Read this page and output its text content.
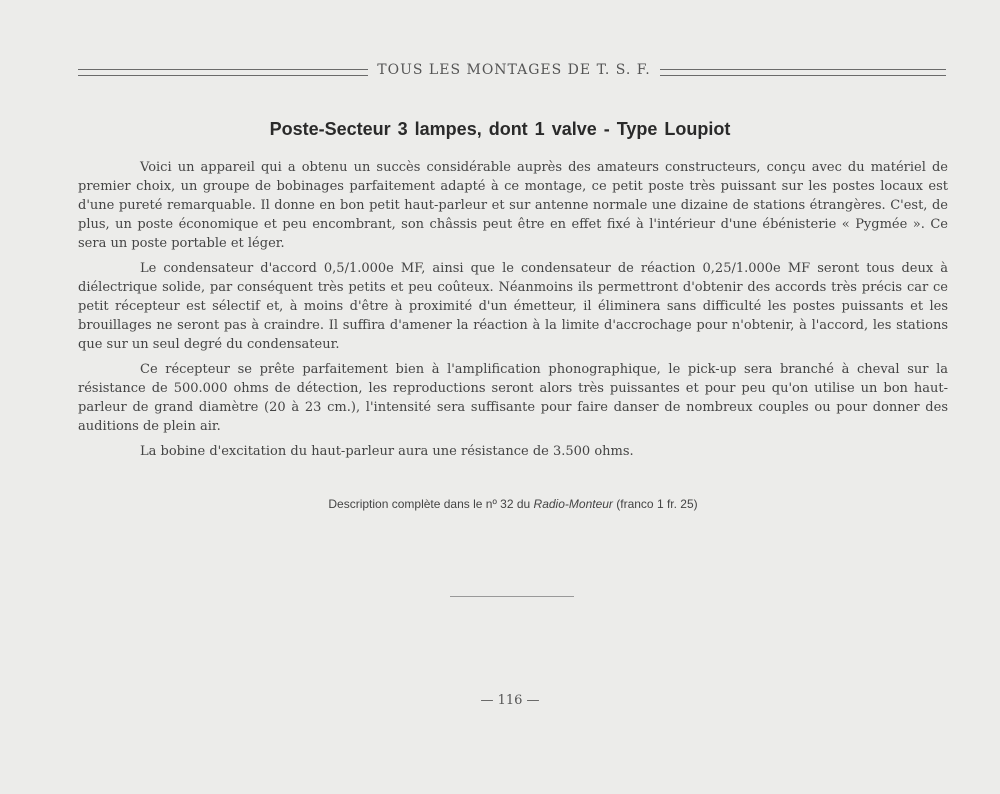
TOUS LES MONTAGES DE T. S. F.
Poste-Secteur 3 lampes, dont 1 valve - Type Loupiot

Voici un appareil qui a obtenu un succès considérable auprès des amateurs constructeurs, conçu avec du matériel de premier choix, un groupe de bobinages parfaitement adapté à ce montage, ce petit poste très puissant sur les postes locaux est d'une pureté remarquable. Il donne en bon petit haut-parleur et sur antenne normale une dizaine de stations étrangères. C'est, de plus, un poste économique et peu encombrant, son châssis peut être en effet fixé à l'intérieur d'une ébénisterie « Pygmée ». Ce sera un poste portable et léger.

Le condensateur d'accord 0,5/1.000e MF, ainsi que le condensateur de réaction 0,25/1.000e MF seront tous deux à diélectrique solide, par conséquent très petits et peu coûteux. Néanmoins ils permettront d'obtenir des accords très précis car ce petit récepteur est sélectif et, à moins d'être à proximité d'un émetteur, il éliminera sans difficulté les postes puissants et les brouillages ne seront pas à craindre. Il suffira d'amener la réaction à la limite d'accrochage pour n'obtenir, à l'accord, les stations que sur un seul degré du condensateur.

Ce récepteur se prête parfaitement bien à l'amplification phonographique, le pick-up sera branché à cheval sur la résistance de 500.000 ohms de détection, les reproductions seront alors très puissantes et pour peu qu'on utilise un bon haut-parleur de grand diamètre (20 à 23 cm.), l'intensité sera suffisante pour faire danser de nombreux couples ou pour donner des auditions de plein air.

La bobine d'excitation du haut-parleur aura une résistance de 3.500 ohms.

Description complète dans le nº 32 du Radio-Monteur (franco 1 fr. 25)
— 116 —
